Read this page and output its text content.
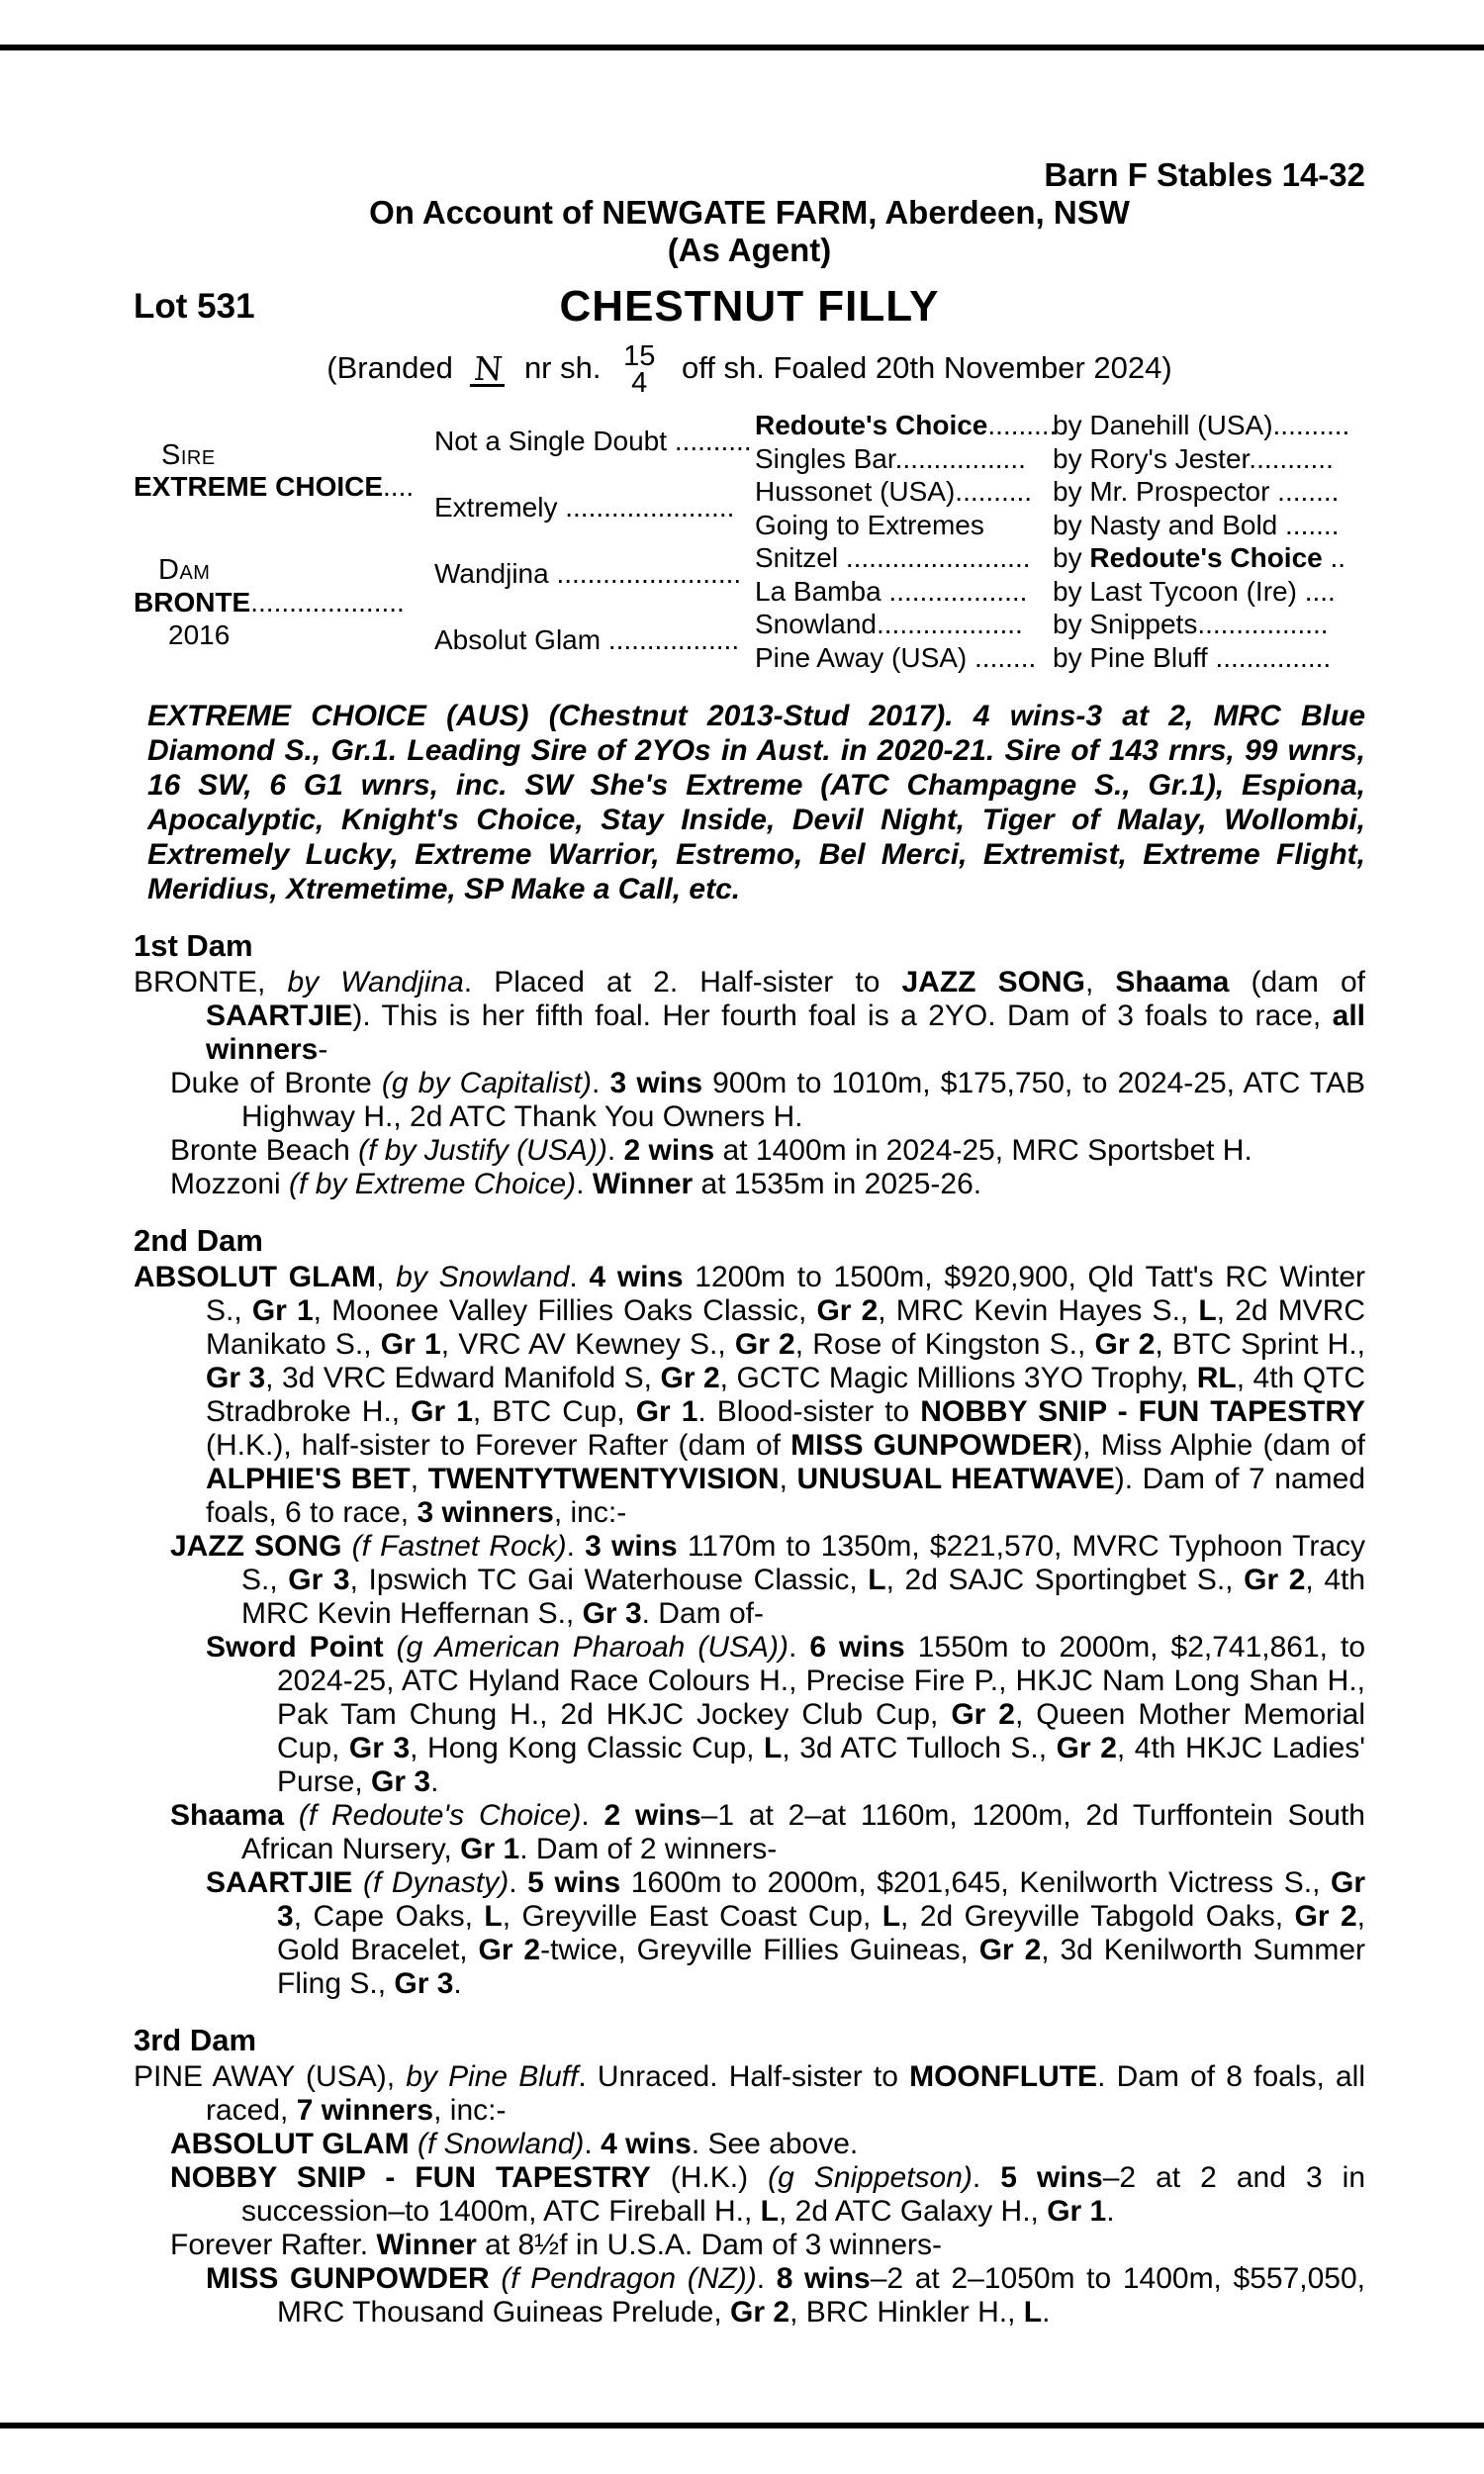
Barn F Stables 14-32
On Account of NEWGATE FARM, Aberdeen, NSW
(As Agent)
Lot 531	CHESTNUT FILLY
(Branded N nr sh. 15
4 off sh. Foaled 20th November 2024)
Sire
EXTREME CHOICE....
Dam
BRONTE....................
2016
Not a Single Doubt ..........
Extremely ......................
Wandjina ........................
Absolut Glam .................
Redoute's Choice.........
by Danehill (USA)..........
Singles Bar................. by Rory's Jester...........
Hussonet (USA).......... by Mr. Prospector ........
Going to Extremes by Nasty and Bold .......
Snitzel ........................ by Redoute's Choice ..
La Bamba .................. by Last Tycoon (Ire) ....
Snowland................... by Snippets.................
Pine Away (USA) ........ by Pine Bluff ...............
EXTREME CHOICE (AUS) (Chestnut 2013-Stud 2017). 4 wins-3 at 2, MRC Blue Diamond S., Gr.1. Leading Sire of 2YOs in Aust. in 2020-21. Sire of 143 rnrs, 99 wnrs, 16 SW, 6 G1 wnrs, inc. SW She's Extreme (ATC Champagne S., Gr.1), Espiona, Apocalyptic, Knight's Choice, Stay Inside, Devil Night, Tiger of Malay, Wollombi, Extremely Lucky, Extreme Warrior, Estremo, Bel Merci, Extremist, Extreme Flight, Meridius, Xtremetime, SP Make a Call, etc.
1st Dam
BRONTE, by Wandjina. Placed at 2. Half-sister to JAZZ SONG, Shaama (dam of SAARTJIE). This is her fifth foal. Her fourth foal is a 2YO. Dam of 3 foals to race, all winners-
Duke of Bronte (g by Capitalist). 3 wins 900m to 1010m, $175,750, to 2024-25, ATC TAB Highway H., 2d ATC Thank You Owners H.
Bronte Beach (f by Justify (USA)). 2 wins at 1400m in 2024-25, MRC Sportsbet H.
Mozzoni (f by Extreme Choice). Winner at 1535m in 2025-26.
2nd Dam
ABSOLUT GLAM, by Snowland. 4 wins 1200m to 1500m, $920,900, Qld Tatt's RC Winter S., Gr 1, Moonee Valley Fillies Oaks Classic, Gr 2, MRC Kevin Hayes S., L, 2d MVRC Manikato S., Gr 1, VRC AV Kewney S., Gr 2, Rose of Kingston S., Gr 2, BTC Sprint H., Gr 3, 3d VRC Edward Manifold S, Gr 2, GCTC Magic Millions 3YO Trophy, RL, 4th QTC Stradbroke H., Gr 1, BTC Cup, Gr 1. Blood-sister to NOBBY SNIP - FUN TAPESTRY (H.K.), half-sister to Forever Rafter (dam of MISS GUNPOWDER), Miss Alphie (dam of ALPHIE'S BET, TWENTYTWENTYVISION, UNUSUAL HEATWAVE). Dam of 7 named foals, 6 to race, 3 winners, inc:-
JAZZ SONG (f Fastnet Rock). 3 wins 1170m to 1350m, $221,570, MVRC Typhoon Tracy S., Gr 3, Ipswich TC Gai Waterhouse Classic, L, 2d SAJC Sportingbet S., Gr 2, 4th MRC Kevin Heffernan S., Gr 3. Dam of-
Sword Point (g American Pharoah (USA)). 6 wins 1550m to 2000m, $2,741,861, to 2024-25, ATC Hyland Race Colours H., Precise Fire P., HKJC Nam Long Shan H., Pak Tam Chung H., 2d HKJC Jockey Club Cup, Gr 2, Queen Mother Memorial Cup, Gr 3, Hong Kong Classic Cup, L, 3d ATC Tulloch S., Gr 2, 4th HKJC Ladies' Purse, Gr 3.
Shaama (f Redoute's Choice). 2 wins–1 at 2–at 1160m, 1200m, 2d Turffontein South African Nursery, Gr 1. Dam of 2 winners-
SAARTJIE (f Dynasty). 5 wins 1600m to 2000m, $201,645, Kenilworth Victress S., Gr 3, Cape Oaks, L, Greyville East Coast Cup, L, 2d Greyville Tabgold Oaks, Gr 2, Gold Bracelet, Gr 2-twice, Greyville Fillies Guineas, Gr 2, 3d Kenilworth Summer Fling S., Gr 3.
3rd Dam
PINE AWAY (USA), by Pine Bluff. Unraced. Half-sister to MOONFLUTE. Dam of 8 foals, all raced, 7 winners, inc:-
ABSOLUT GLAM (f Snowland). 4 wins. See above.
NOBBY SNIP - FUN TAPESTRY (H.K.) (g Snippetson). 5 wins–2 at 2 and 3 in succession–to 1400m, ATC Fireball H., L, 2d ATC Galaxy H., Gr 1.
Forever Rafter. Winner at 8½f in U.S.A. Dam of 3 winners-
MISS GUNPOWDER (f Pendragon (NZ)). 8 wins–2 at 2–1050m to 1400m, $557,050, MRC Thousand Guineas Prelude, Gr 2, BRC Hinkler H., L.
